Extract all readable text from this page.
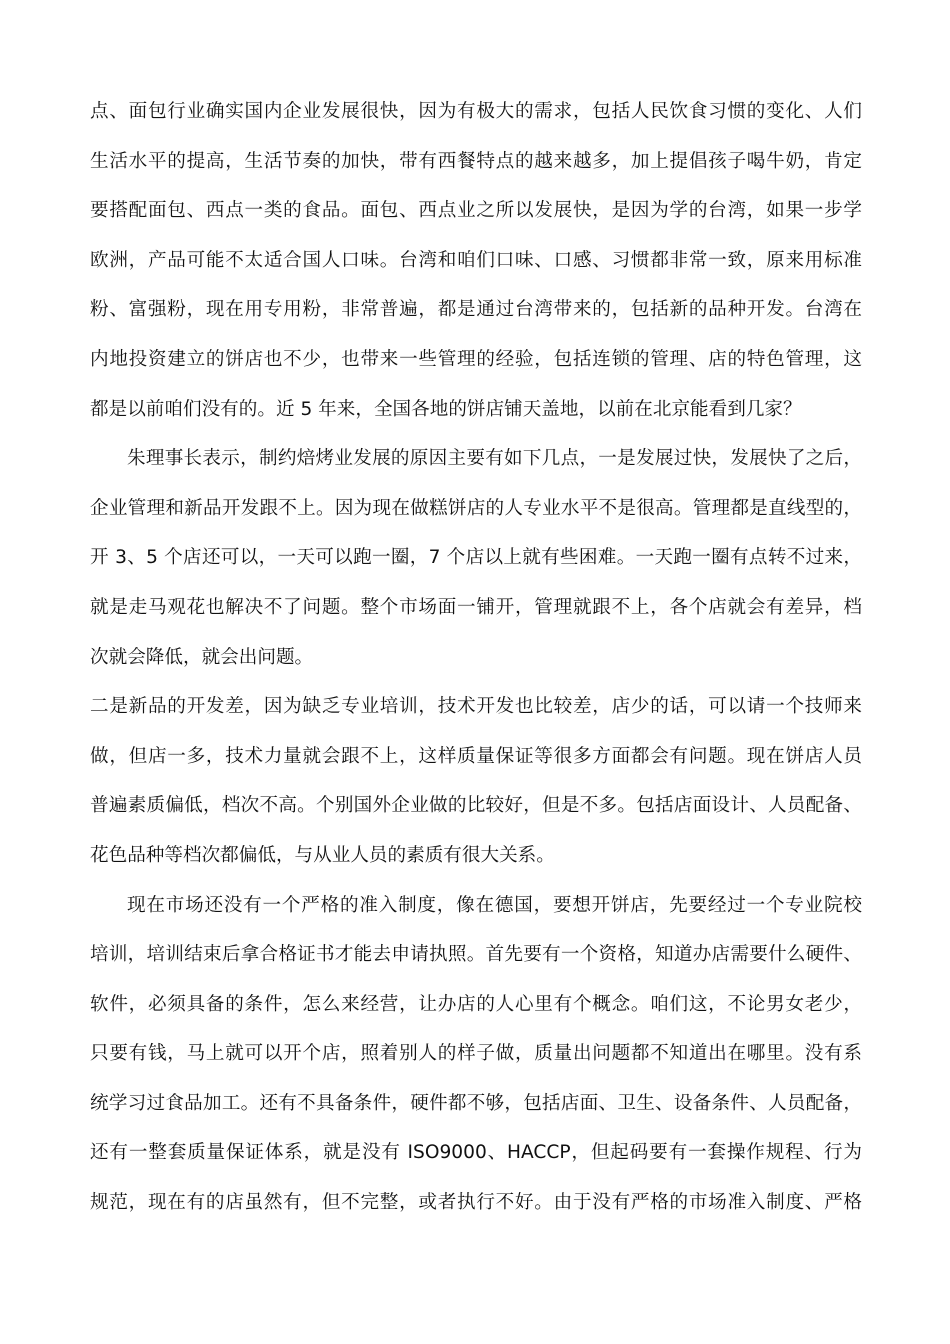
点、面包行业确实国内企业发展很快，因为有极大的需求，包括人民饮食习惯的变化、人们
生活水平的提高，生活节奏的加快，带有西餐特点的越来越多，加上提倡孩子喝牛奶，肯定
要搭配面包、西点一类的食品。面包、西点业之所以发展快，是因为学的台湾，如果一步学
欧洲，产品可能不太适合国人口味。台湾和咱们口味、口感、习惯都非常一致，原来用标准
粉、富强粉，现在用专用粉，非常普遍，都是通过台湾带来的，包括新的品种开发。台湾在
内地投资建立的饼店也不少，也带来一些管理的经验，包括连锁的管理、店的特色管理，这
都是以前咱们没有的。近 5 年来，全国各地的饼店铺天盖地，以前在北京能看到几家？
朱理事长表示，制约焙烤业发展的原因主要有如下几点，一是发展过快，发展快了之后，
企业管理和新品开发跟不上。因为现在做糕饼店的人专业水平不是很高。管理都是直线型的，
开 3、5 个店还可以，一天可以跑一圈，7 个店以上就有些困难。一天跑一圈有点转不过来，
就是走马观花也解决不了问题。整个市场面一铺开，管理就跟不上，各个店就会有差异，档
次就会降低，就会出问题。
二是新品的开发差，因为缺乏专业培训，技术开发也比较差，店少的话，可以请一个技师来
做，但店一多，技术力量就会跟不上，这样质量保证等很多方面都会有问题。现在饼店人员
普遍素质偏低，档次不高。个别国外企业做的比较好，但是不多。包括店面设计、人员配备、
花色品种等档次都偏低，与从业人员的素质有很大关系。
现在市场还没有一个严格的准入制度，像在德国，要想开饼店，先要经过一个专业院校
培训，培训结束后拿合格证书才能去申请执照。首先要有一个资格，知道办店需要什么硬件、
软件，必须具备的条件，怎么来经营，让办店的人心里有个概念。咱们这，不论男女老少，
只要有钱，马上就可以开个店，照着别人的样子做，质量出问题都不知道出在哪里。没有系
统学习过食品加工。还有不具备条件，硬件都不够，包括店面、卫生、设备条件、人员配备，
还有一整套质量保证体系，就是没有 ISO9000、HACCP，但起码要有一套操作规程、行为
规范，现在有的店虽然有，但不完整，或者执行不好。由于没有严格的市场准入制度、严格
